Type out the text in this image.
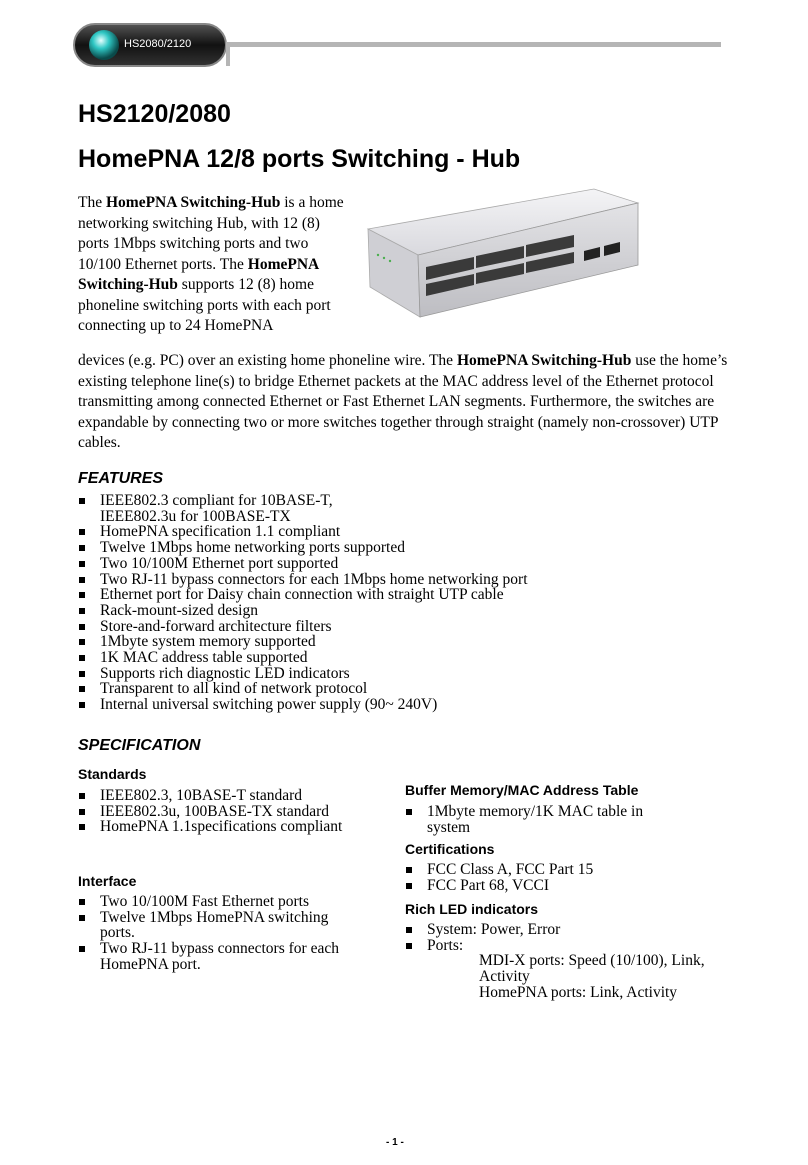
HS2080/2120
HS2120/2080
HomePNA 12/8 ports Switching - Hub
The HomePNA Switching-Hub is a home networking switching Hub, with 12 (8) ports 1Mbps switching ports and two 10/100 Ethernet ports. The HomePNA Switching-Hub supports 12 (8) home phoneline switching ports with each port connecting up to 24 HomePNA
devices (e.g. PC) over an existing home phoneline wire. The HomePNA Switching-Hub use the home’s existing telephone line(s) to bridge Ethernet packets at the MAC address level of the Ethernet protocol transmitting among connected Ethernet or Fast Ethernet LAN segments. Furthermore, the switches are expandable by connecting two or more switches together through straight (namely non-crossover) UTP cables.
FEATURES
IEEE802.3 compliant for 10BASE-T,
IEEE802.3u for 100BASE-TX
HomePNA specification 1.1 compliant
Twelve 1Mbps home networking ports supported
Two 10/100M Ethernet port supported
Two RJ-11 bypass connectors for each 1Mbps home networking port
Ethernet port for Daisy chain connection with straight UTP cable
Rack-mount-sized design
Store-and-forward architecture filters
1Mbyte system memory supported
1K MAC address table supported
Supports rich diagnostic LED indicators
Transparent to all kind of network protocol
Internal universal switching power supply (90~ 240V)
SPECIFICATION
Standards
IEEE802.3, 10BASE-T standard
IEEE802.3u, 100BASE-TX standard
HomePNA 1.1specifications compliant
Interface
Two 10/100M Fast Ethernet ports
Twelve 1Mbps HomePNA switching ports.
Two RJ-11 bypass connectors for each HomePNA port.
Buffer Memory/MAC Address Table
1Mbyte memory/1K MAC table in system
Certifications
FCC Class A, FCC Part 15
FCC Part 68, VCCI
Rich LED indicators
System: Power, Error
Ports:
MDI-X ports: Speed (10/100), Link, Activity
HomePNA ports: Link, Activity
- 1 -
